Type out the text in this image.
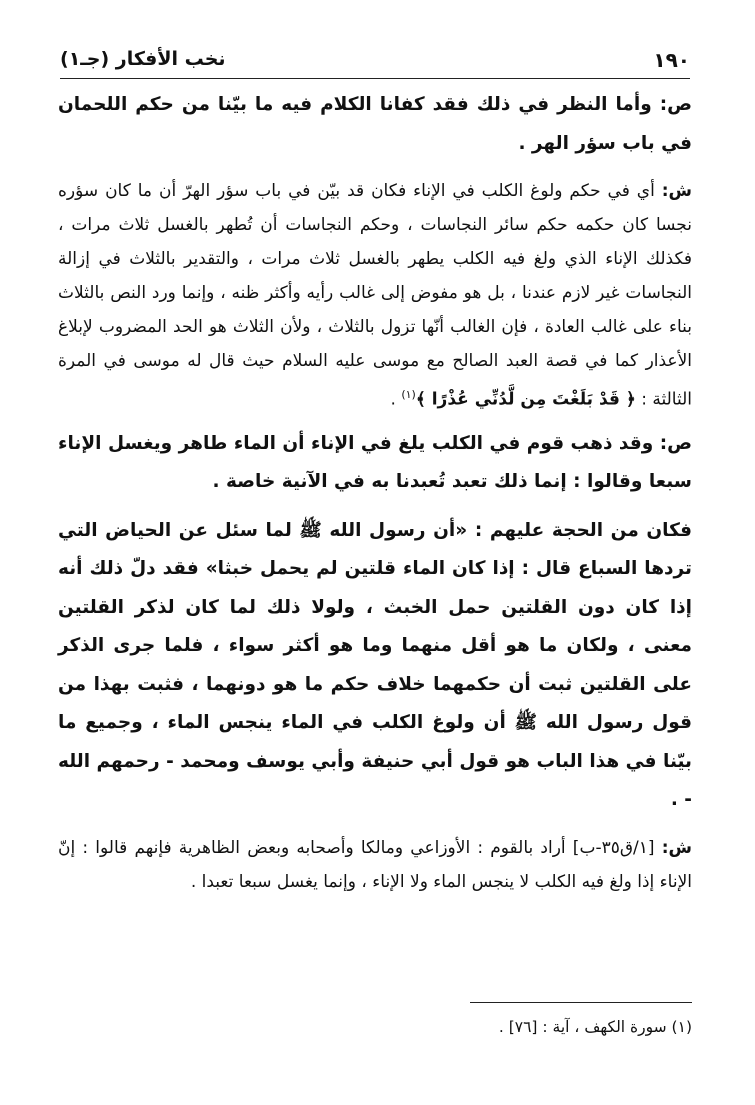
١٩٠
نخب الأفكار (جـ١)

ص: وأما النظر في ذلك فقد كفانا الكلام فيه ما بيّنا من حكم اللحمان في باب سؤر الهر .

ش: أي في حكم ولوغ الكلب في الإناء فكان قد بيّن في باب سؤر الهرّ أن ما كان سؤره نجسا كان حكمه حكم سائر النجاسات ، وحكم النجاسات أن تُطهر بالغسل ثلاث مرات ، فكذلك الإناء الذي ولغ فيه الكلب يطهر بالغسل ثلاث مرات ، والتقدير بالثلاث في إزالة النجاسات غير لازم عندنا ، بل هو مفوض إلى غالب رأيه وأكثر ظنه ، وإنما ورد النص بالثلاث بناء على غالب العادة ، فإن الغالب أنّها تزول بالثلاث ، ولأن الثلاث هو الحد المضروب لإبلاغ الأعذار كما في قصة العبد الصالح مع موسى عليه السلام حيث قال له موسى في المرة الثالثة : ﴿ قَدْ بَلَغْتَ مِن لَّدُنِّي عُذْرًا ﴾$^{(١)}$ .

ص: وقد ذهب قوم في الكلب يلغ في الإناء أن الماء طاهر ويغسل الإناء سبعا وقالوا : إنما ذلك تعبد تُعبدنا به في الآنية خاصة .

فكان من الحجة عليهم : «أن رسول الله ﷺ لما سئل عن الحياض التي تردها السباع قال : إذا كان الماء قلتين لم يحمل خبثا» فقد دلّ ذلك أنه إذا كان دون القلتين حمل الخبث ، ولولا ذلك لما كان لذكر القلتين معنى ، ولكان ما هو أقل منهما وما هو أكثر سواء ، فلما جرى الذكر على القلتين ثبت أن حكمهما خلاف حكم ما هو دونهما ، فثبت بهذا من قول رسول الله ﷺ أن ولوغ الكلب في الماء ينجس الماء ، وجميع ما بيّنا في هذا الباب هو قول أبي حنيفة وأبي يوسف ومحمد - رحمهم الله - .

ش: [١/ق٣٥-ب] أراد بالقوم : الأوزاعي ومالكا وأصحابه وبعض الظاهرية فإنهم قالوا : إنّ الإناء إذا ولغ فيه الكلب لا ينجس الماء ولا الإناء ، وإنما يغسل سبعا تعبدا .

(١) سورة الكهف ، آية : [٧٦] .
